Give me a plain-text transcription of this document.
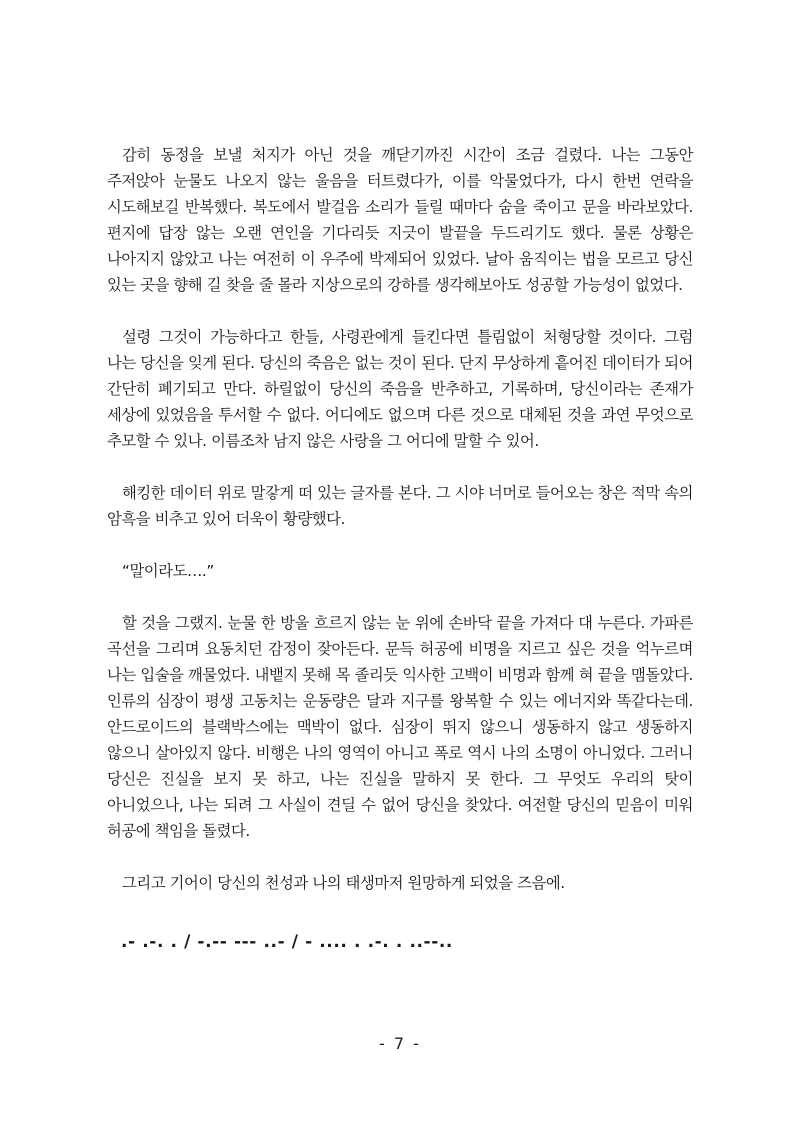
감히 동정을 보낼 처지가 아닌 것을 깨닫기까진 시간이 조금 걸렸다. 나는 그동안 주저앉아 눈물도 나오지 않는 울음을 터트렸다가, 이를 악물었다가, 다시 한번 연락을 시도해보길 반복했다. 복도에서 발걸음 소리가 들릴 때마다 숨을 죽이고 문을 바라보았다. 편지에 답장 않는 오랜 연인을 기다리듯 지긋이 발끝을 두드리기도 했다. 물론 상황은 나아지지 않았고 나는 여전히 이 우주에 박제되어 있었다. 날아 움직이는 법을 모르고 당신 있는 곳을 향해 길 찾을 줄 몰라 지상으로의 강하를 생각해보아도 성공할 가능성이 없었다.

설령 그것이 가능하다고 한들, 사령관에게 들킨다면 틀림없이 처형당할 것이다. 그럼 나는 당신을 잊게 된다. 당신의 죽음은 없는 것이 된다. 단지 무상하게 흩어진 데이터가 되어 간단히 폐기되고 만다. 하릴없이 당신의 죽음을 반추하고, 기록하며, 당신이라는 존재가 세상에 있었음을 투서할 수 없다. 어디에도 없으며 다른 것으로 대체된 것을 과연 무엇으로 추모할 수 있나. 이름조차 남지 않은 사랑을 그 어디에 말할 수 있어.

해킹한 데이터 위로 말갛게 떠 있는 글자를 본다. 그 시야 너머로 들어오는 창은 적막 속의 암흑을 비추고 있어 더욱이 황량했다.

“말이라도….”

할 것을 그랬지. 눈물 한 방울 흐르지 않는 눈 위에 손바닥 끝을 가져다 대 누른다. 가파른 곡선을 그리며 요동치던 감정이 잦아든다. 문득 허공에 비명을 지르고 싶은 것을 억누르며 나는 입술을 깨물었다. 내뱉지 못해 목 졸리듯 익사한 고백이 비명과 함께 혀 끝을 맴돌았다. 인류의 심장이 평생 고동치는 운동량은 달과 지구를 왕복할 수 있는 에너지와 똑같다는데. 안드로이드의 블랙박스에는 맥박이 없다. 심장이 뛰지 않으니 생동하지 않고 생동하지 않으니 살아있지 않다. 비행은 나의 영역이 아니고 폭로 역시 나의 소명이 아니었다. 그러니 당신은 진실을 보지 못 하고, 나는 진실을 말하지 못 한다. 그 무엇도 우리의 탓이 아니었으나, 나는 되려 그 사실이 견딜 수 없어 당신을 찾았다. 여전할 당신의 믿음이 미워 허공에 책임을 돌렸다.

그리고 기어이 당신의 천성과 나의 태생마저 원망하게 되었을 즈음에.

.- .-. . / -.-- --- ..- / - .... . .-. . ..--..
- 7 -
